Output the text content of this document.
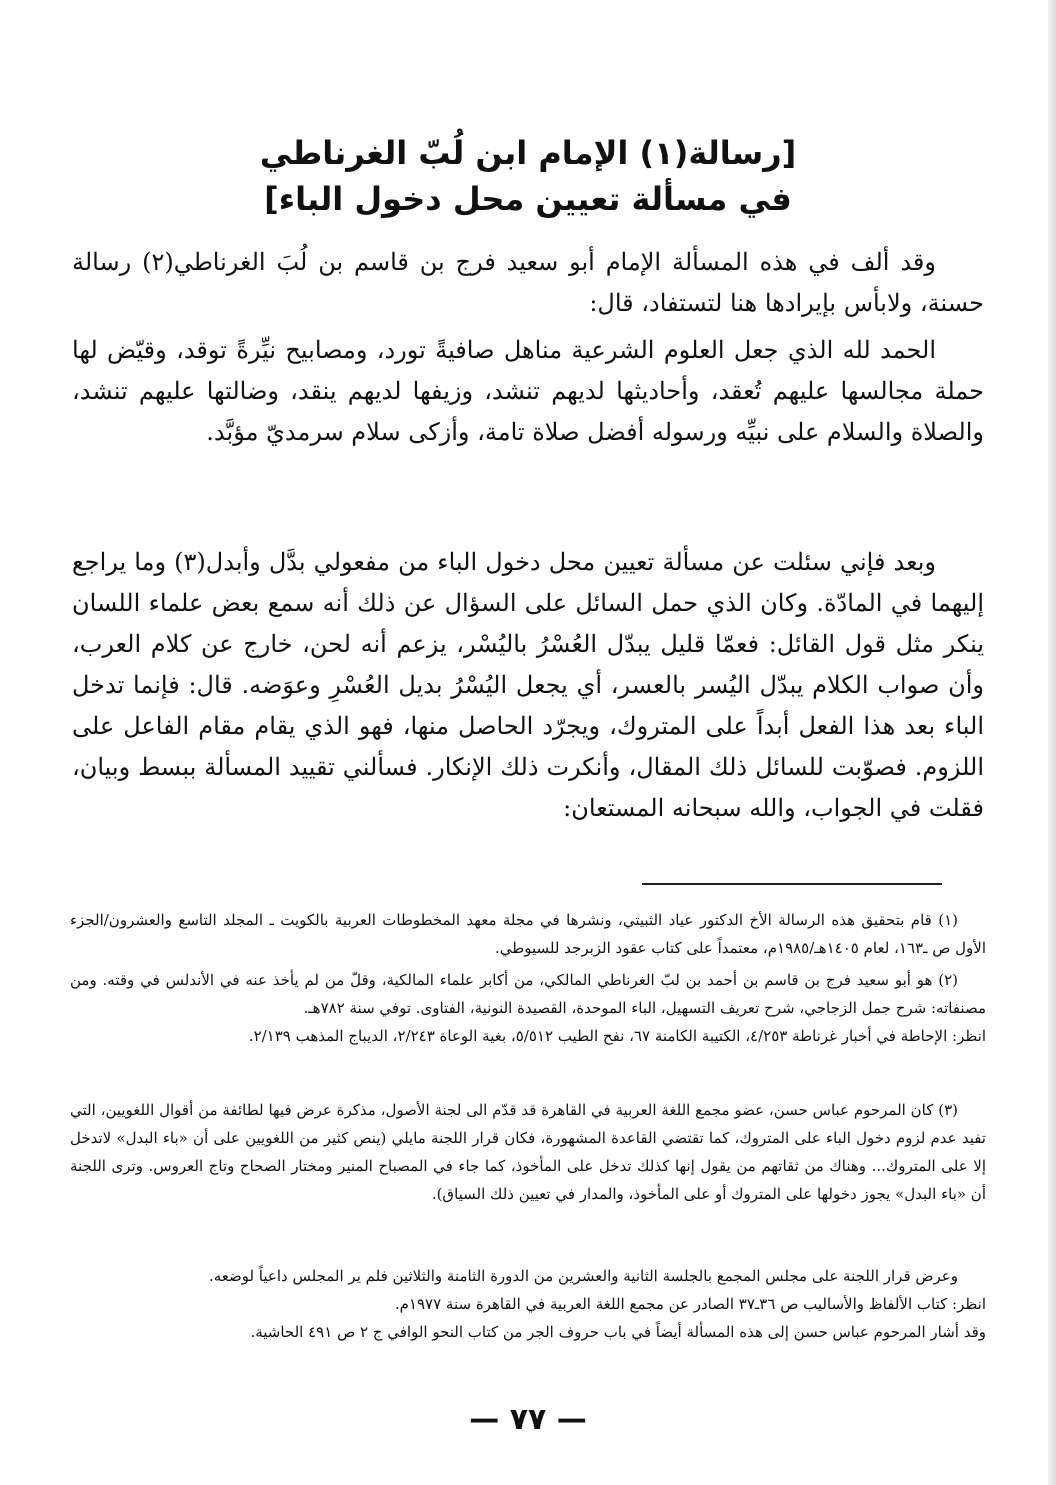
[رسالة(١) الإمام ابن لُبّ الغرناطي
في مسألة تعيين محل دخول الباء]

وقد ألف في هذه المسألة الإمام أبو سعيد فرج بن قاسم بن لُبَ الغرناطي(٢) رسالة حسنة، ولابأس بإيرادها هنا لتستفاد، قال:

الحمد لله الذي جعل العلوم الشرعية مناهل صافيةً تورد، ومصابيح نيِّرةً توقد، وقيّض لها حملة مجالسها عليهم تُعقد، وأحاديثها لديهم تنشد، وزيفها لديهم ينقد، وضالتها عليهم تنشد، والصلاة والسلام على نبيِّه ورسوله أفضل صلاة تامة، وأزكى سلام سرمديّ مؤبَّد.

وبعد فإني سئلت عن مسألة تعيين محل دخول الباء من مفعولي بدَّل وأبدل(٣) وما يراجع إليهما في المادّة. وكان الذي حمل السائل على السؤال عن ذلك أنه سمع بعض علماء اللسان ينكر مثل قول القائل: فعمّا قليل يبدّل العُسْرُ باليُسْر، يزعم أنه لحن، خارج عن كلام العرب، وأن صواب الكلام يبدّل اليُسر بالعسر، أي يجعل اليُسْرُ بديل العُسْرِ وعوَضه. قال: فإنما تدخل الباء بعد هذا الفعل أبداً على المتروك، ويجرّد الحاصل منها، فهو الذي يقام مقام الفاعل على اللزوم. فصوّبت للسائل ذلك المقال، وأنكرت ذلك الإنكار. فسألني تقييد المسألة ببسط وبيان، فقلت في الجواب، والله سبحانه المستعان:

(١) قام بتحقيق هذه الرسالة الأخ الدكتور عياد الثبيتي، ونشرها في مجلة معهد المخطوطات العربية بالكويت ـ المجلد التاسع والعشرون/الجزء الأول ص ـ١٦٣، لعام ١٤٠٥هـ/١٩٨٥م، معتمداً على كتاب عقود الزبرجد للسيوطي.

(٢) هو أبو سعيد فرج بن قاسم بن أحمد بن لبّ الغرناطي المالكي، من أكابر علماء المالكية، وقلّ من لم يأخذ عنه في الأندلس في وقته. ومن مصنفاته: شرح جمل الزجاجي، شرح تعريف التسهيل، الباء الموحدة، القصيدة النونية، الفتاوى. توفي سنة ٧٨٢هـ.

انظر: الإحاطة في أخبار غرناطة ٤/٢٥٣، الكتيبة الكامنة ٦٧، نفح الطيب ٥/٥١٢، بغية الوعاة ٢/٢٤٣، الديباج المذهب ٢/١٣٩.

(٣) كان المرحوم عباس حسن، عضو مجمع اللغة العربية في القاهرة قد قدّم الى لجنة الأصول، مذكرة عرض فيها لطائفة من أقوال اللغويين، التي تفيد عدم لزوم دخول الباء على المتروك، كما تقتضي القاعدة المشهورة، فكان قرار اللجنة مايلي (ينص كثير من اللغويين على أن «باء البدل» لاتدخل إلا على المتروك... وهناك من ثقاتهم من يقول إنها كذلك تدخل على المأخوذ، كما جاء في المصباح المنير ومختار الصحاح وتاج العروس. وترى اللجنة أن «باء البدل» يجوز دخولها على المتروك أو على المأخوذ، والمدار في تعيين ذلك السياق).

وعرض قرار اللجنة على مجلس المجمع بالجلسة الثانية والعشرين من الدورة الثامنة والثلاثين فلم ير المجلس داعياً لوضعه.

انظر: كتاب الألفاظ والأساليب ص ٣٦ـ٣٧ الصادر عن مجمع اللغة العربية في القاهرة سنة ١٩٧٧م.

وقد أشار المرحوم عباس حسن إلى هذه المسألة أيضاً في باب حروف الجر من كتاب النحو الوافي ج ٢ ص ٤٩١ الحاشية.

— ٧٧ —
